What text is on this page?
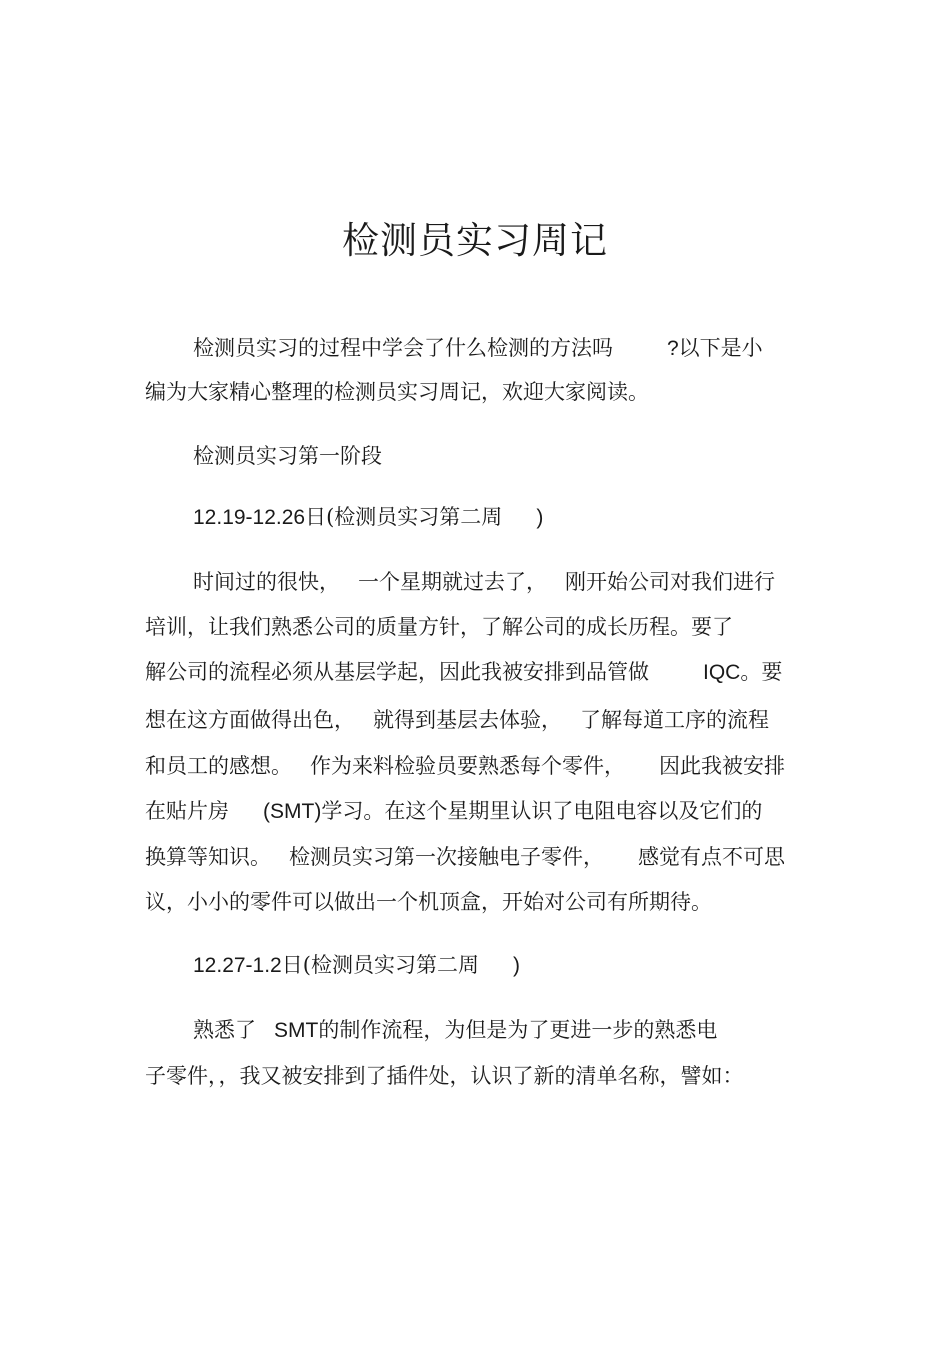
检测员实习周记

检测员实习的过程中学会了什么检测的方法吗	?以下是小

编为大家精心整理的检测员实习周记，欢迎大家阅读。

检测员实习第一阶段

12.19-12.26日(检测员实习第二周 )

时间过的很快， 一个星期就过去了， 刚开始公司对我们进行

培训，让我们熟悉公司的质量方针，了解公司的成长历程。要了

解公司的流程必须从基层学起，因此我被安排到品管做	IQC。要

想在这方面做得出色， 就得到基层去体验， 了解每道工序的流程

和员工的感想。 作为来料检验员要熟悉每个零件， 因此我被安排

在贴片房 (SMT)学习。在这个星期里认识了电阻电容以及它们的

换算等知识。 检测员实习第一次接触电子零件， 感觉有点不可思

议，小小的零件可以做出一个机顶盒，开始对公司有所期待。

12.27-1.2日(检测员实习第二周 )

熟悉了 SMT的制作流程，为但是为了更进一步的熟悉电

子零件，，我又被安排到了插件处，认识了新的清单名称，譬如：
